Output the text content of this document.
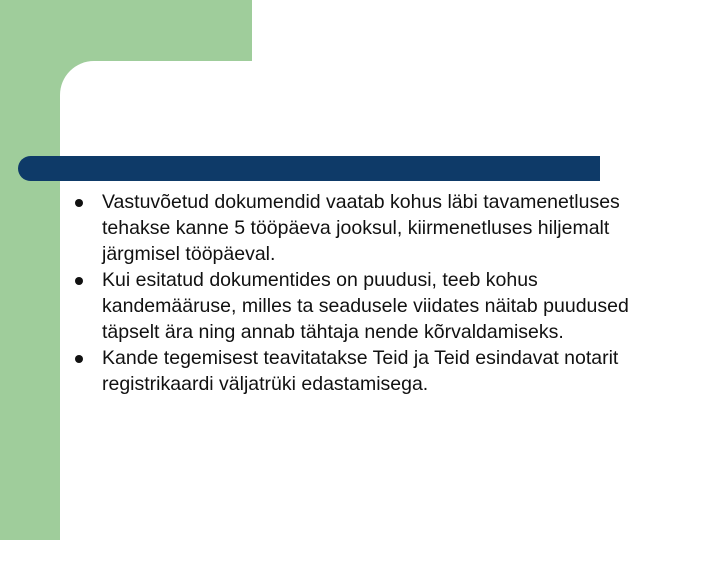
Vastuvõetud dokumendid vaatab kohus läbi tavamenetluses tehakse kanne 5 tööpäeva jooksul, kiirmenetluses hiljemalt järgmisel tööpäeval.
Kui esitatud dokumentides on puudusi, teeb kohus kandemääruse, milles ta seadusele viidates näitab puudused täpselt ära ning annab tähtaja nende kõrvaldamiseks.
Kande tegemisest teavitatakse Teid ja Teid esindavat notarit registrikaardi väljatrüki edastamisega.
